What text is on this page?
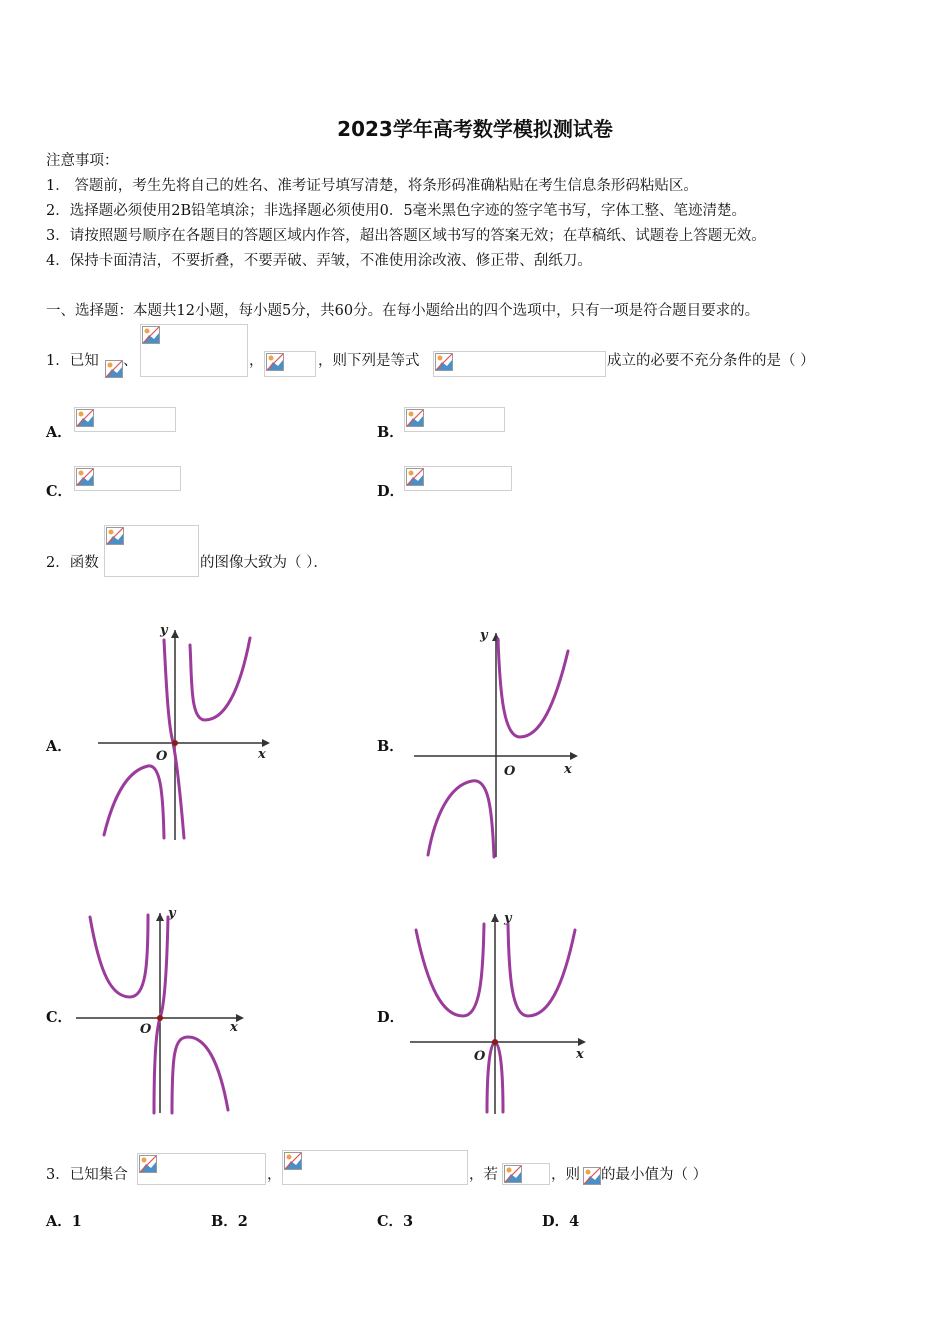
2023学年高考数学模拟测试卷
注意事项：
1． 答题前，考生先将自己的姓名、准考证号填写清楚，将条形码准确粘贴在考生信息条形码粘贴区。
2．选择题必须使用2B铅笔填涂；非选择题必须使用0．5毫米黑色字迹的签字笔书写，字体工整、笔迹清楚。
3．请按照题号顺序在各题目的答题区域内作答，超出答题区域书写的答案无效；在草稿纸、试题卷上答题无效。
4．保持卡面清洁，不要折叠，不要弄破、弄皱，不准使用涂改液、修正带、刮纸刀。
一、选择题：本题共12小题，每小题5分，共60分。在每小题给出的四个选项中，只有一项是符合题目要求的。
1．已知 、	，	，则下列是等式	成立的必要不充分条件的是（ ）
A．	B．
C．	D．
2．函数	的图像大致为（ ）．
A．	x
y
O
B．
x
y
O
C．
x
y
O
D．
x
y
O
3．已知集合	，	，若	，则 的最小值为（ ）
A．1	B．2	C．3	D．4
